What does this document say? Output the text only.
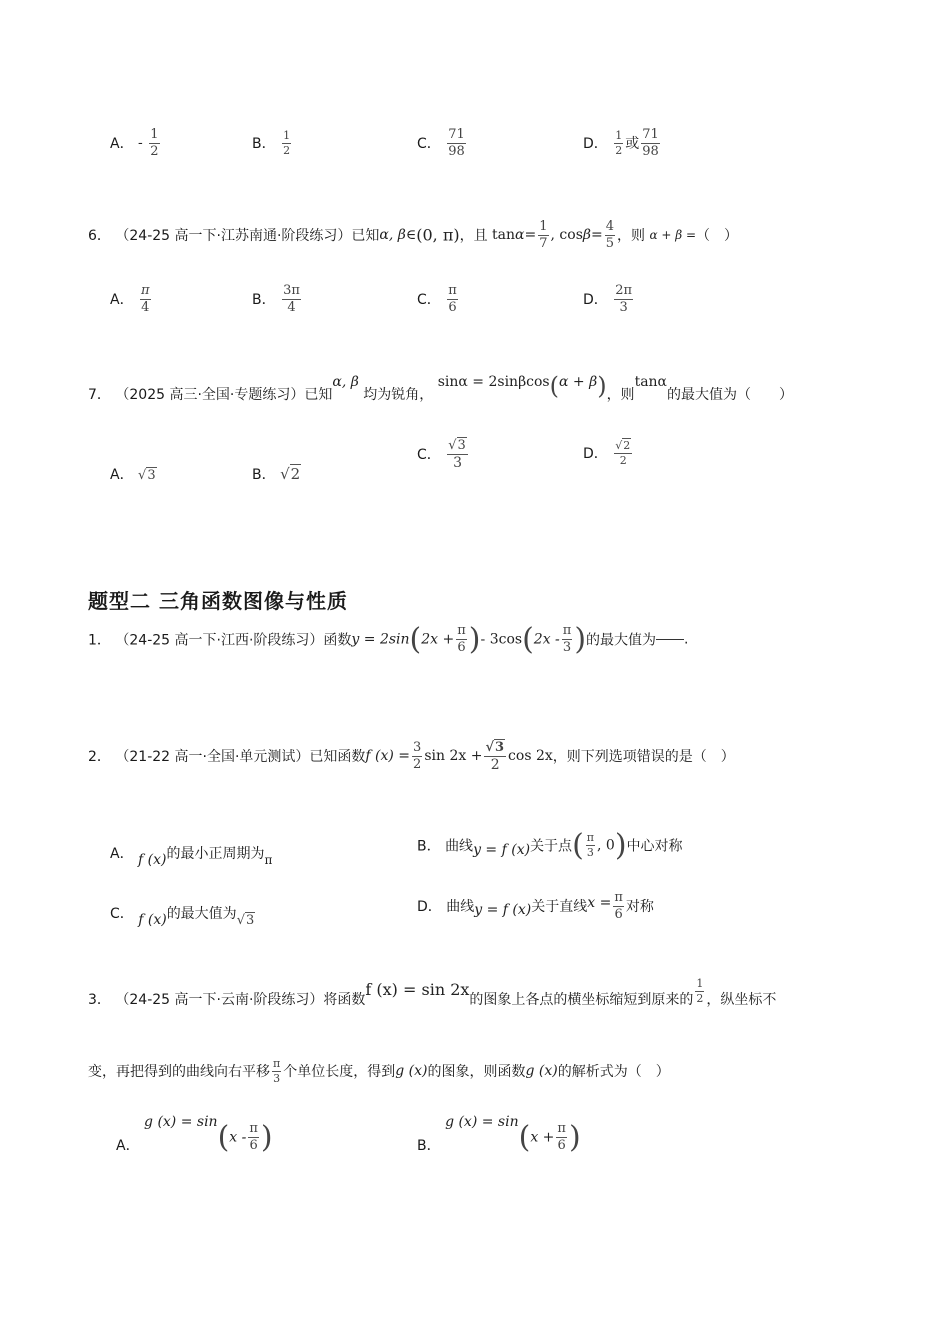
A． - $\frac{1}{2}$	B． $\frac{1}{2}$	C． $\frac{71}{98}$	D． $\frac{1}{2}$ 或 $\frac{71}{98}$
6． （24-25 高一下·江苏南通·阶段练习）已知α, β∈(0, π)，且 $\tan\alpha= \frac{1}{7}$ , $\cos\beta= \frac{4}{5}$ ，则 α + β =（　）
A． $\frac{\pi}{4}$	B． $\frac{3\pi}{4}$	C． $\frac{\pi}{6}$	D． $\frac{2\pi}{3}$
7． （2025 高三·全国·专题练习）已知α, β 均为锐角， sinα = 2sinβcos(α + β)，则tanα的最大值为（　　）
A． √3	B． √2
C． $\frac{√3}{3}$	D． $\frac{√2}{2}$
题型二 三角函数图像与性质
1． （24-25 高一下·江西·阶段练习）函数$y = 2\sin(2x + \frac{\pi}{6}$ )- $3\cos(2x - \frac{\pi}{3}$ )的最大值为 .
2． （21-22 高一·全国·单元测试）已知函数f $(x) = \frac{3}{2}$ $\sin 2x + \frac{√3}{2}$ cos 2x，则下列选项错误的是（　）
A． f (x)的最小正周期为π
B． 曲线y = f (x)关于点( $\frac{\pi}{3}$ , 0)中心对称
C． f (x)的最大值为√3
D． 曲线y = f (x)关于直线$x = \frac{\pi}{6}$ 对称
3． （24-25 高一下·云南·阶段练习）将函数f (x) = sin 2x的图象上各点的横坐标缩短到原来的 $\frac{1}{2}$ ，纵坐标不
变，再把得到的曲线向右平移 $\frac{\pi}{3}$ 个单位长度，得到g (x)的图象，则函数g (x)的解析式为（　）
A． g $(x) = \sin(x - \frac{\pi}{6}$ )	B． g $(x) = \sin(x + \frac{\pi}{6}$ )
